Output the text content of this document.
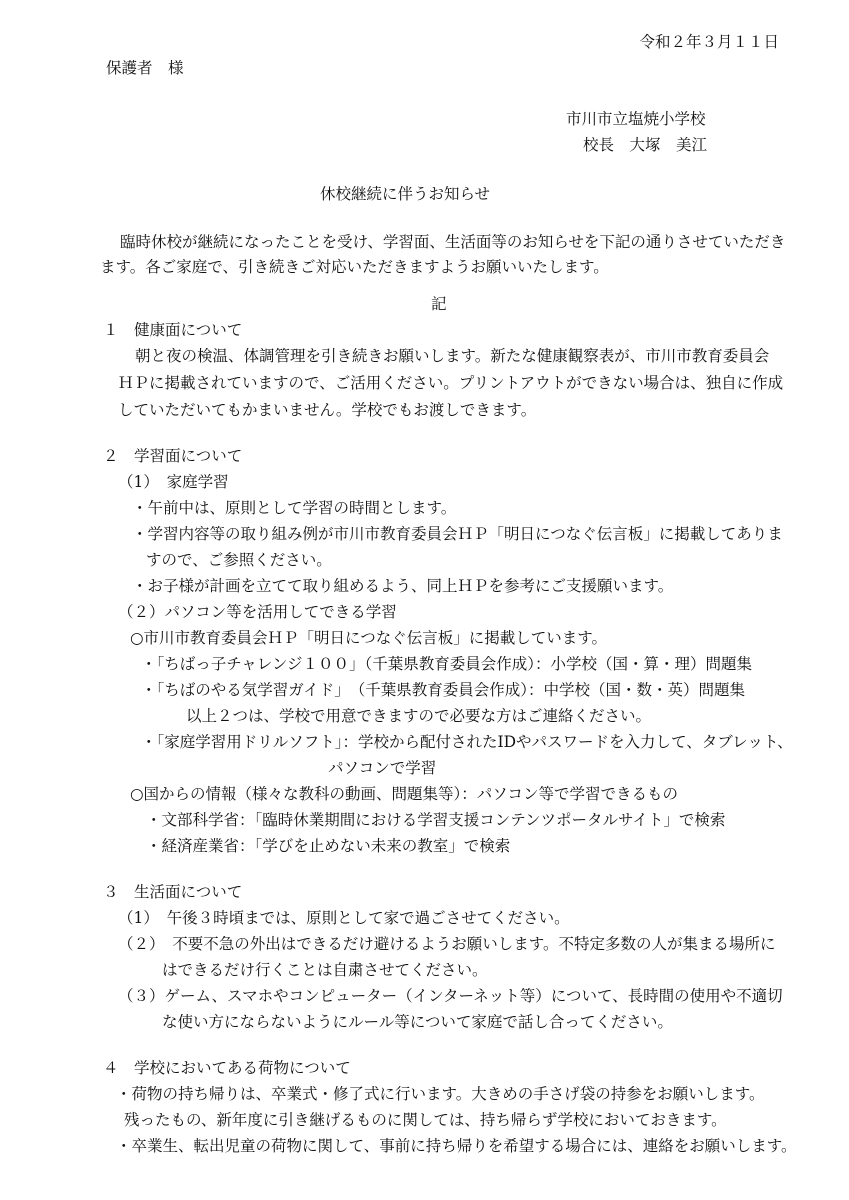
令和２年３月１１日
保護者　様
市川市立塩焼小学校
校長　大塚　美江
休校継続に伴うお知らせ
臨時休校が継続になったことを受け、学習面、生活面等のお知らせを下記の通りさせていただき
ます。各ご家庭で、引き続きご対応いただきますようお願いいたします。
記
１　健康面について
朝と夜の検温、体調管理を引き続きお願いします。新たな健康観察表が、市川市教育委員会
ＨＰに掲載されていますので、ご活用ください。プリントアウトができない場合は、独自に作成
していただいてもかまいません。学校でもお渡しできます。
２　学習面について
（1）　家庭学習
・午前中は、原則として学習の時間とします。
・学習内容等の取り組み例が市川市教育委員会ＨＰ「明日につなぐ伝言板」に掲載してありま
すので、ご参照ください。
・お子様が計画を立てて取り組めるよう、同上ＨＰを参考にご支援願います。
（２）パソコン等を活用してできる学習
○市川市教育委員会ＨＰ「明日につなぐ伝言板」に掲載しています。
・「ちばっ子チャレンジ１００」（千葉県教育委員会作成）：小学校（国・算・理）問題集
・「ちばのやる気学習ガイド」　（千葉県教育委員会作成）：中学校（国・数・英）問題集
以上２つは、学校で用意できますので必要な方はご連絡ください。
・「家庭学習用ドリルソフト」：学校から配付されたIDやパスワードを入力して、タブレット、
パソコンで学習
○国からの情報（様々な教科の動画、問題集等）：パソコン等で学習できるもの
・文部科学省：「臨時休業期間における学習支援コンテンツポータルサイト」で検索
・経済産業省：「学びを止めない未来の教室」で検索
３　生活面について
（1）　午後３時頃までは、原則として家で過ごさせてください。
（２）　不要不急の外出はできるだけ避けるようお願いします。不特定多数の人が集まる場所に
はできるだけ行くことは自粛させてください。
（３）ゲーム、スマホやコンピューター（インターネット等）について、長時間の使用や不適切
な使い方にならないようにルール等について家庭で話し合ってください。
４　学校においてある荷物について
・荷物の持ち帰りは、卒業式・修了式に行います。大きめの手さげ袋の持参をお願いします。
残ったもの、新年度に引き継げるものに関しては、持ち帰らず学校においておきます。
・卒業生、転出児童の荷物に関して、事前に持ち帰りを希望する場合には、連絡をお願いします。
